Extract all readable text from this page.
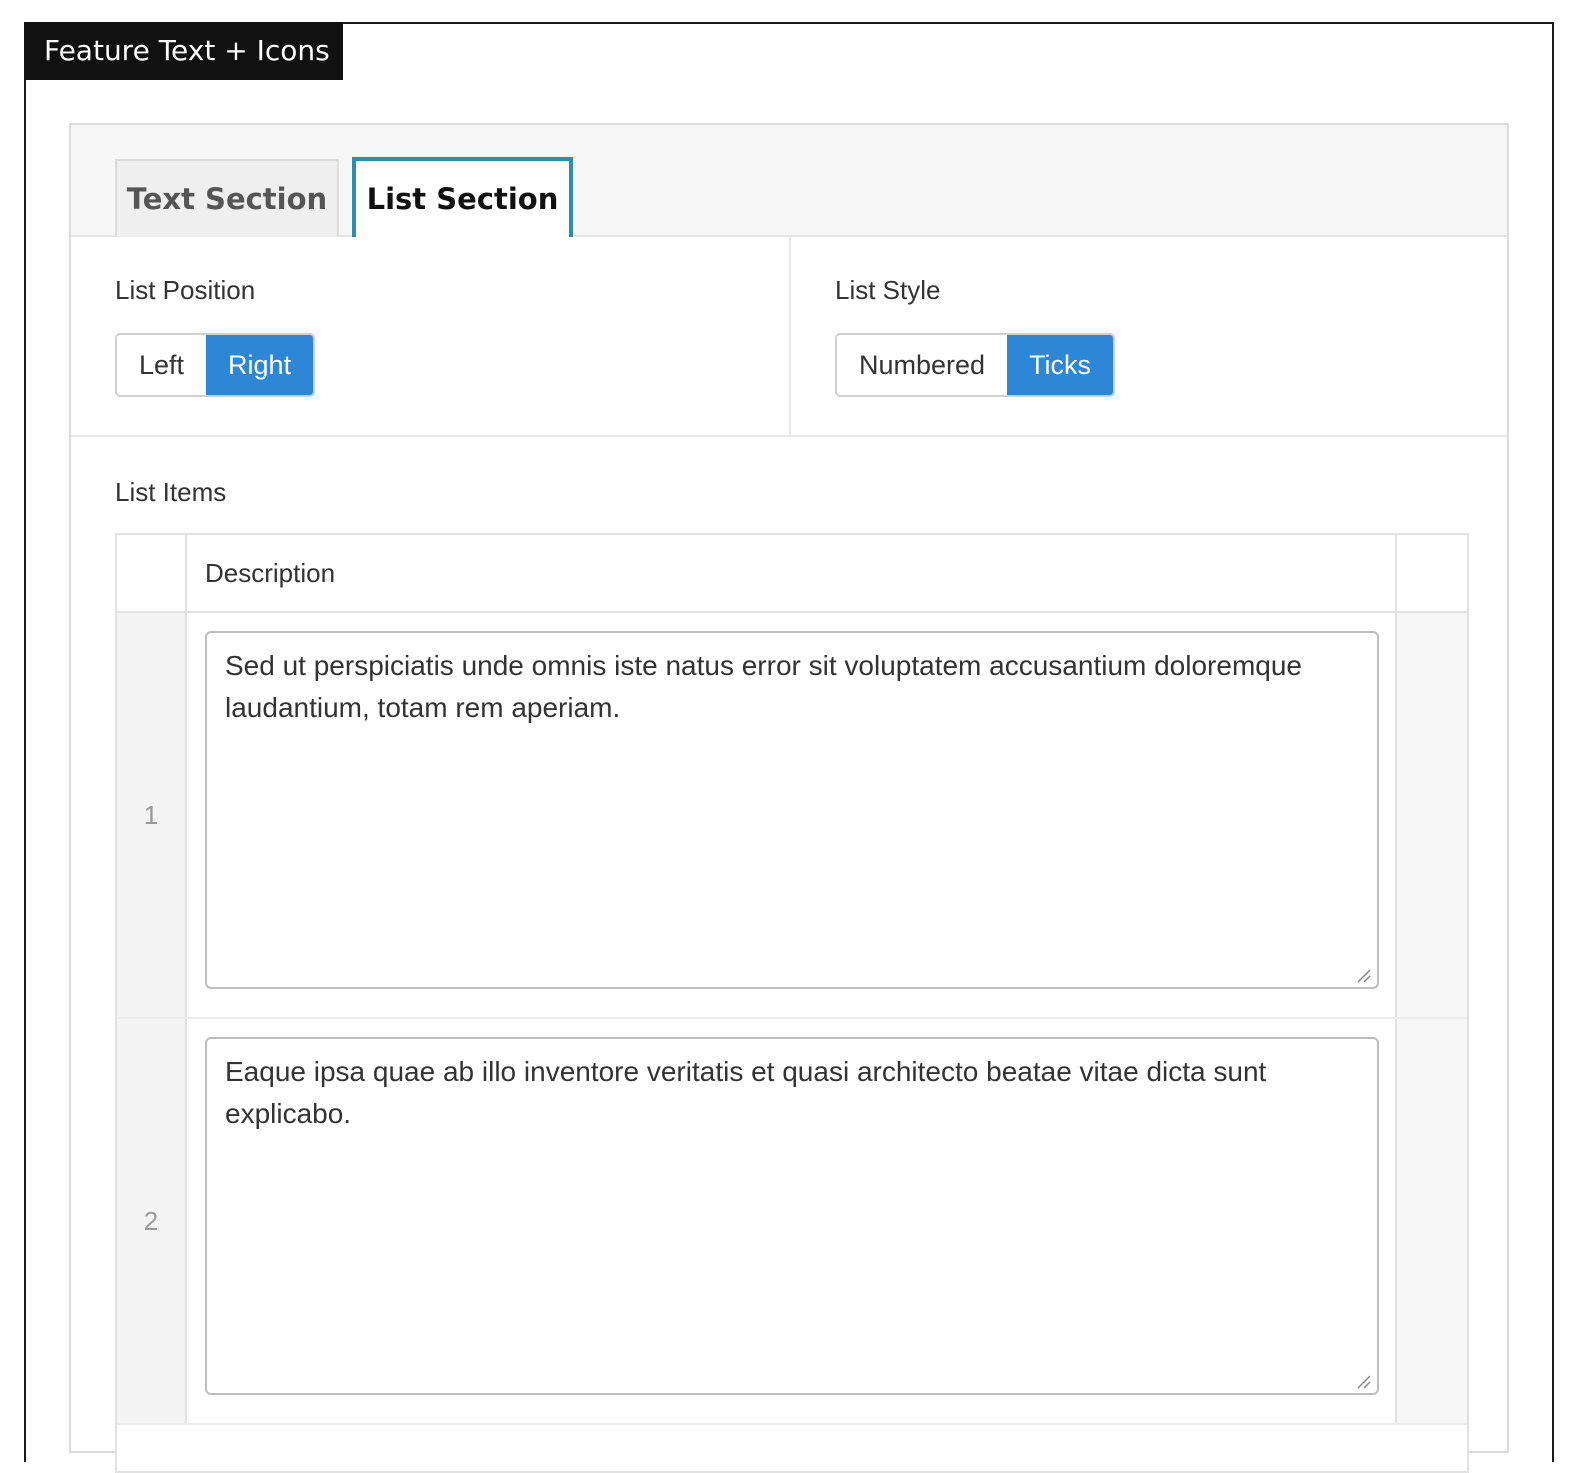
Feature Text + Icons
Text Section	List Section
List Position
Left	Right
List Style
Numbered	Ticks
List Items
Description
1
Sed ut perspiciatis unde omnis iste natus error sit voluptatem accusantium doloremque laudantium, totam rem aperiam.
2
Eaque ipsa quae ab illo inventore veritatis et quasi architecto beatae vitae dicta sunt explicabo.
